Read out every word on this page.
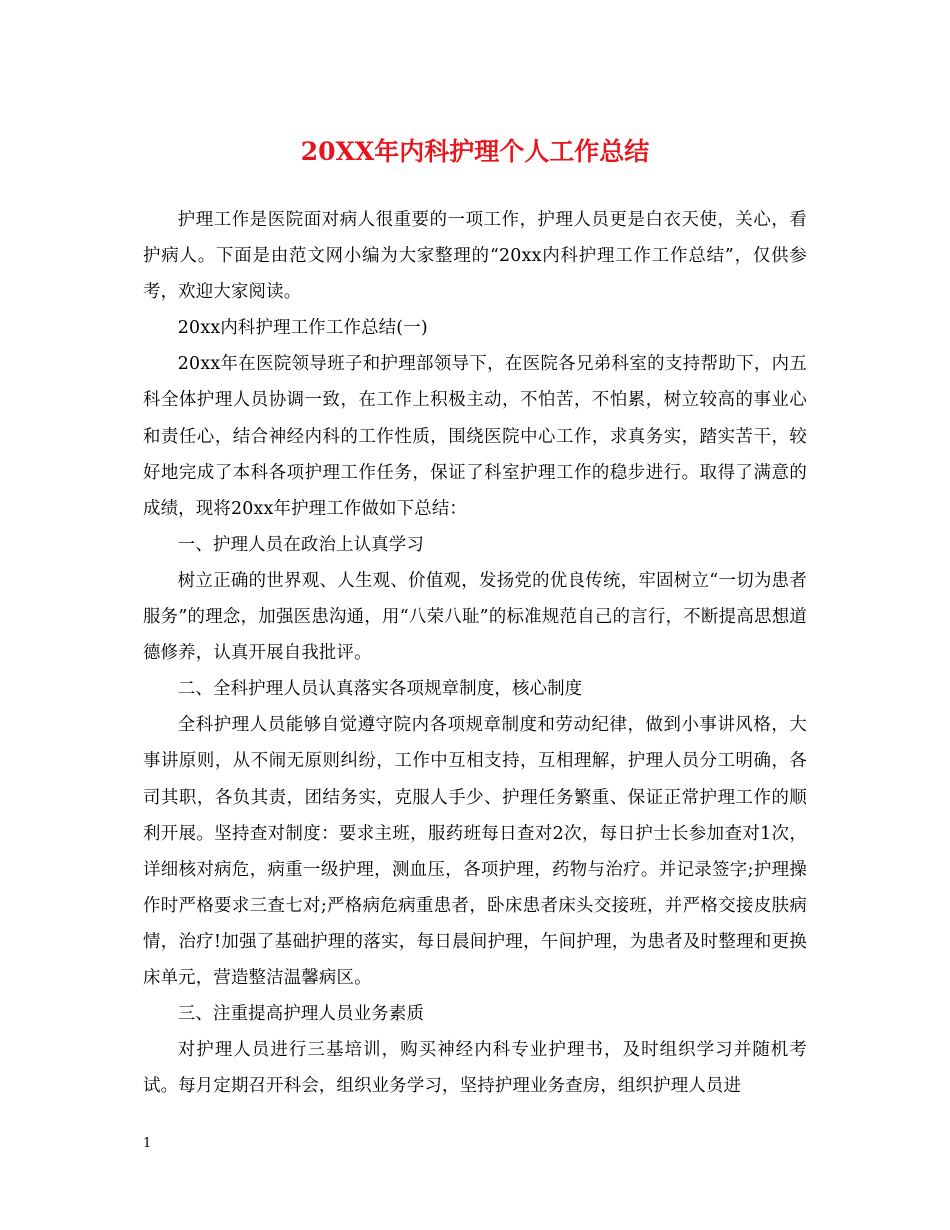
20XX年内科护理个人工作总结

护理工作是医院面对病人很重要的一项工作，护理人员更是白衣天使，关心，看护病人。下面是由范文网小编为大家整理的“20xx内科护理工作工作总结”，仅供参考，欢迎大家阅读。

20xx内科护理工作工作总结(一)

20xx年在医院领导班子和护理部领导下，在医院各兄弟科室的支持帮助下，内五科全体护理人员协调一致，在工作上积极主动，不怕苦，不怕累，树立较高的事业心和责任心，结合神经内科的工作性质，围绕医院中心工作，求真务实，踏实苦干，较好地完成了本科各项护理工作任务，保证了科室护理工作的稳步进行。取得了满意的成绩，现将20xx年护理工作做如下总结：

一、护理人员在政治上认真学习

树立正确的世界观、人生观、价值观，发扬党的优良传统，牢固树立“一切为患者服务”的理念，加强医患沟通，用“八荣八耻”的标准规范自己的言行，不断提高思想道德修养，认真开展自我批评。

二、全科护理人员认真落实各项规章制度，核心制度

全科护理人员能够自觉遵守院内各项规章制度和劳动纪律，做到小事讲风格，大事讲原则，从不闹无原则纠纷，工作中互相支持，互相理解，护理人员分工明确，各司其职，各负其责，团结务实，克服人手少、护理任务繁重、保证正常护理工作的顺利开展。坚持查对制度：要求主班，服药班每日查对2次，每日护士长参加查对1次，详细核对病危，病重一级护理，测血压，各项护理，药物与治疗。并记录签字;护理操作时严格要求三查七对;严格病危病重患者，卧床患者床头交接班，并严格交接皮肤病情，治疗!加强了基础护理的落实，每日晨间护理，午间护理，为患者及时整理和更换床单元，营造整洁温馨病区。

三、注重提高护理人员业务素质

对护理人员进行三基培训，购买神经内科专业护理书，及时组织学习并随机考试。每月定期召开科会，组织业务学习，坚持护理业务查房，组织护理人员进

1
